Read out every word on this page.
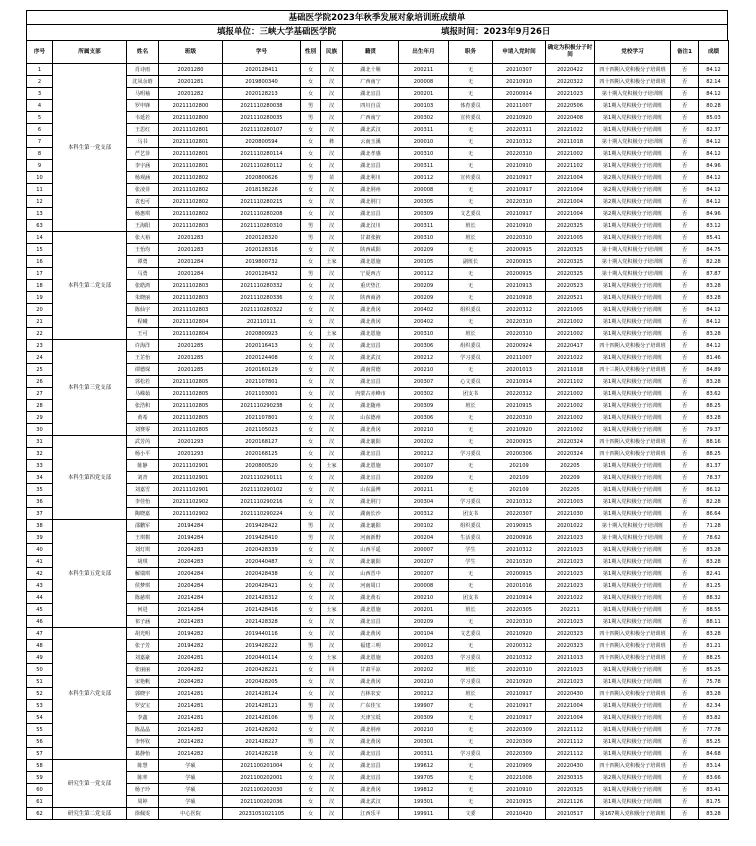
基础医学院2023年秋季发展对象培训班成绩单
填报单位：三峡大学基础医学院	填报时间：2023年9月26日
序号	所属支部	姓名	班级	学号	性别	民族	籍贯	出生年月	职务	申请入党时间	确定为积极分子时间	党校学习	备注1	成绩
1	本科生第一党支部	肖诗雨	20201280	2020128411	女	汉	湖北十堰	200211	无	20210307	20220422	四十四期入党积极分子培训班	否	84.12
2		沈凤余晗	20201281	2019800340	女	汉	广西南宁	200008	无	20210910	20220322	四十四期入党积极分子培训班	否	82.14
3		马明袖	20201282	2020128213	女	汉	湖北宜昌	200201	无	20200914	20221023	第十期入党积极分子培训班	否	84.12
4		罗申锋	20211102800	2021110280038	男	汉	四川自贡	200103	体育委员	20211007	20220506	第1期入党积极分子培训班	否	80.28
5		韦延若	20211102800	2021110280035	男	汉	广西南宁	200302	宣传委员	20210920	20220408	第1期入党积极分子培训班	否	85.03
6		王思红	20211102801	2021110280107	女	汉	湖北武汉	200311	无	20220311	20221022	第1期入党积极分子培训班	否	82.37
7		马书	20211102801	2020800594	女	彝	云南玉溪	200010	无	20210312	20211018	第十期入党积极分子培训班	否	84.12
8		严艺菲	20211102801	2021110280114	女	汉	湖北孝感	200310	无	20220310	20221002	第1期入党积极分子培训班	否	84.12
9		李宇涵	20211102801	2021110280112	女	汉	湖北宜昌	200311	无	20210910	20221102	第1期入党积极分子培训班	否	84.96
10		杨观涵	20211102802	2020800626	男	苗	湖北利川	200112	宣传委员	20210917	20221004	第2期入党积极分子培训班	否	84.12
11		张凌菲	20211102802	2018138226	女	汉	湖北荆州	200008	无	20210917	20221004	第2期入党积极分子培训班	否	84.12
12		袁也可	20211102802	2021110280215	女	汉	湖北荆门	200305	无	20220310	20221004	第2期入党积极分子培训班	否	84.12
13		杨惠琪	20211102802	2021110280208	女	汉	湖北宜昌	200309	文艺委员	20210917	20221004	第2期入党积极分子培训班	否	84.96
63		王海阳	20211102803	2021110280310	男	汉	湖北汉川	200311	班长	20210910	20220325	第1期入党积极分子培训班	否	83.12
14	本科生第二党支部	张大裕	20201283	2020128320	男	汉	甘肃张掖	200310	班长	20220310	20221005	第1期入党积极分子培训班	否	85.41
15		王怡均	20201283	2020128316	女	汉	陕西咸阳	200209	无	20200915	20220325	第十期入党积极分子培训班	否	84.75
16		谭勇	20201284	2019800732	女	土家	湖北恩施	200105	副班长	20200915	20220325	第十期入党积极分子培训班	否	82.28
17		马勇	20201284	2020128432	男	汉	宁夏西吉	200112	无	20200915	20220325	第十期入党积极分子培训班	否	87.87
18		张皓鸿	20211102803	2021110280332	女	汉	重庆垫江	200209	无	20210913	20220523	第1期入党积极分子培训班	否	83.28
19		朱晓丽	20211102803	2021110280336	女	汉	陕西商洛	200209	无	20210918	20220521	第1期入党积极分子培训班	否	83.28
20		陈仙宇	20211102803	2021110280322	女	汉	湖北黄冈	200402	组织委员	20220312	20221005	第1期入党积极分子培训班	否	84.12
21		程曦	20211102804	202110111	女	汉	湖北黄冈	200402	无	20220310	20221002	第1期入党积极分子培训班	否	84.12
22		王可	20211102804	2020800923	女	土家	湖北恩施	200310	班长	20220310	20221002	第1期入党积极分子培训班	否	83.28
23	本科生第三党支部	许海洋	20201285	2020116413	女	汉	湖北宜昌	200306	组织委员	20200924	20220417	四十四期入党积极分子培训班	否	84.12
24		王芷怡	20201285	2020124408	女	汉	湖北武汉	200212	学习委员	20211007	20221022	第1期入党积极分子培训班	否	81.46
25		谭德琛	20201285	2020160129	女	汉	湖南常德	200210	无	20201013	20211018	四十三期入党积极分子培训班	否	84.89
26		郭松若	20211102805	2021107801	女	汉	湖北宜昌	200307	心文委员	20210914	20221102	第1期入党积极分子培训班	否	83.28
27		马嵘茹	20211102805	2021103001	女	汉	内蒙古赤峰市	200302	团支书	20220312	20221002	第1期入党积极分子培训班	否	83.62
28		张浩积	20211102805	2021110290238	女	汉	湖北随州	200309	班长	20210915	20221002	第1期入党积极分子培训班	否	88.25
29		黄希	20211102805	2021107801	女	汉	山东德州	200306	无	20220310	20221002	第1期入党积极分子培训班	否	83.28
30		刘赛零	20211102805	2021105023	女	汉	湖北黄冈	200210	无	20210920	20221002	第1期入党积极分子培训班	否	79.37
31	本科生第四党支部	武芳芮	20201293	2020168127	女	汉	湖北襄阳	200202	无	20200915	20220324	四十四期入党积极分子培训班	否	88.16
32		杨小平	20201293	2020168125	女	汉	湖北宜昌	200212	学习委员	20200306	20220324	四十四期入党积极分子培训班	否	88.25
33		陈静	20211102901	2020800520	女	土家	湖北恩施	200107	无	202109	202205	第1期入党积极分子培训班	否	81.37
34		刘青	20211102901	2021110290111	女	汉	湖北宜昌	200209	无	202109	202209	第1期入党积极分子培训班	否	78.37
35		刘嘉雪	20211102901	2021110290102	女	汉	山东淄博	200211	无	202109	202205	第1期入党积极分子培训班	否	86.12
36		李佳怡	20211102902	2021110290216	女	汉	湖北荆门	200304	学习委员	20210312	20221003	第1期入党积极分子培训班	否	82.28
37		陶晓嘉	20211102902	2021110290224	女	汉	湖南长沙	200312	团支书	20220307	20221030	第1期入党积极分子培训班	否	86.64
38	本科生第五党支部	邵鹏军	20194284	2019428422	男	汉	湖北襄阳	200102	组织委员	20190915	20201022	第十期入党积极分子培训班	否	71.28
39		王琪棋	20194284	2019428410	男	汉	河南新野	200204	生活委员	20200916	20221023	第十期入党积极分子培训班	否	78.62
40		刘灯琪	20204283	2020428339	女	汉	山西平遥	200007	学生	20210312	20221023	第1期入党积极分子培训班	否	83.28
41		胡琪	20204283	2020440487	女	汉	湖北襄阳	200207	学生	20210320	20221023	第1期入党积极分子培训班	否	83.28
42		解瑞琪	20204284	2020428438	女	汉	山西晋中	200207	无	20200915	20221023	第1期入党积极分子培训班	否	82.41
43		侯梦琪	20204284	2020428421	女	汉	河南周口	200008	无	20201016	20221023	第1期入党积极分子培训班	否	81.25
44		陈慈琪	20214284	2021428312	女	汉	湖北黄石	200210	团支书	20210914	20221022	第1期入党积极分子培训班	否	88.32
45		何进	20214284	2021428416	女	土家	湖北恩施	200201	班长	20220305	202211	第1期入党积极分子培训班	否	88.55
46		祁子涵	20214283	2021428328	女	汉	湖北宜昌	200209	无	20220310	20221023	第1期入党积极分子培训班	否	88.11
47	本科生第六党支部	胡光明	20194282	2019440116	女	汉	湖北黄冈	200104	文艺委员	20210920	20220323	四十四期入党积极分子培训班	否	83.28
48		张子芳	20194282	2019428222	男	汉	福建三明	200012	无	20200312	20220323	四十四期入党积极分子培训班	否	81.21
49		刘嘉豪	20204281	2020440114	女	土家	湖北恩施	200203	学习委员	20210312	20211013	四十四期入党积极分子培训班	否	88.25
50		张丽丽	20204282	2020428221	女	回	甘肃平凉	200202	班长	20220310	20221023	第1期入党积极分子培训班	否	85.25
51		宋艳帆	20204282	2020428205	女	汉	湖北黄冈	200210	学习委员	20210920	20221023	第1期入党积极分子培训班	否	75.78
52		郭晓宇	20214281	2021428124	女	汉	吉林农安	200212	班长	20210917	20220430	四十四期入党积极分子培训班	否	83.28
53		罗安宝	20214281	2021428121	男	汉	广东佳宝	199907	无	20210917	20221004	第1期入党积极分子培训班	否	82.34
54		李鑫	20214281	2021428106	男	汉	天津宝坻	200309	无	20210917	20221004	第1期入党积极分子培训班	否	83.82
55		陈晶晶	20214282	2021428202	女	汉	湖北荆州	200210	无	20220309	20221112	第1期入党积极分子培训班	否	77.78
56		李怀钦	20214282	2021428227	男	汉	湖北黄冈	200301	无	20220309	20221112	第1期入党积极分子培训班	否	85.25
57		葛静怡	20214282	2021428218	女	汉	湖北宜昌	200311	学习委员	20220309	20221112	第1期入党积极分子培训班	否	84.68
58	研究生第一党支部	陈慧	学硕	2021100201004	女	汉	湖北宜昌	199612	无	20210909	20220430	四十四期入党积极分子培训班	否	83.14
59		陈率	学硕	2021100202001	女	汉	湖北宜昌	199705	无	20221008	20230315	第2期入党积极分子培训班	否	83.66
60		杨子玲	学硕	2021100202030	女	汉	湖北黄冈	199812	无	20210910	20220325	第1期入党积极分子培训班	否	83.41
61		周婷	学硕	2021100202036	女	汉	湖北武汉	199301	无	20210915	20221126	第1期入党积极分子培训班	否	81.75
62	研究生第二党支部	徐佩雯	中心医院	20231051021105	女	汉	江西乐平	199911	文委	20210420	20210517	第167期入党积极分子培训班	否	83.28
